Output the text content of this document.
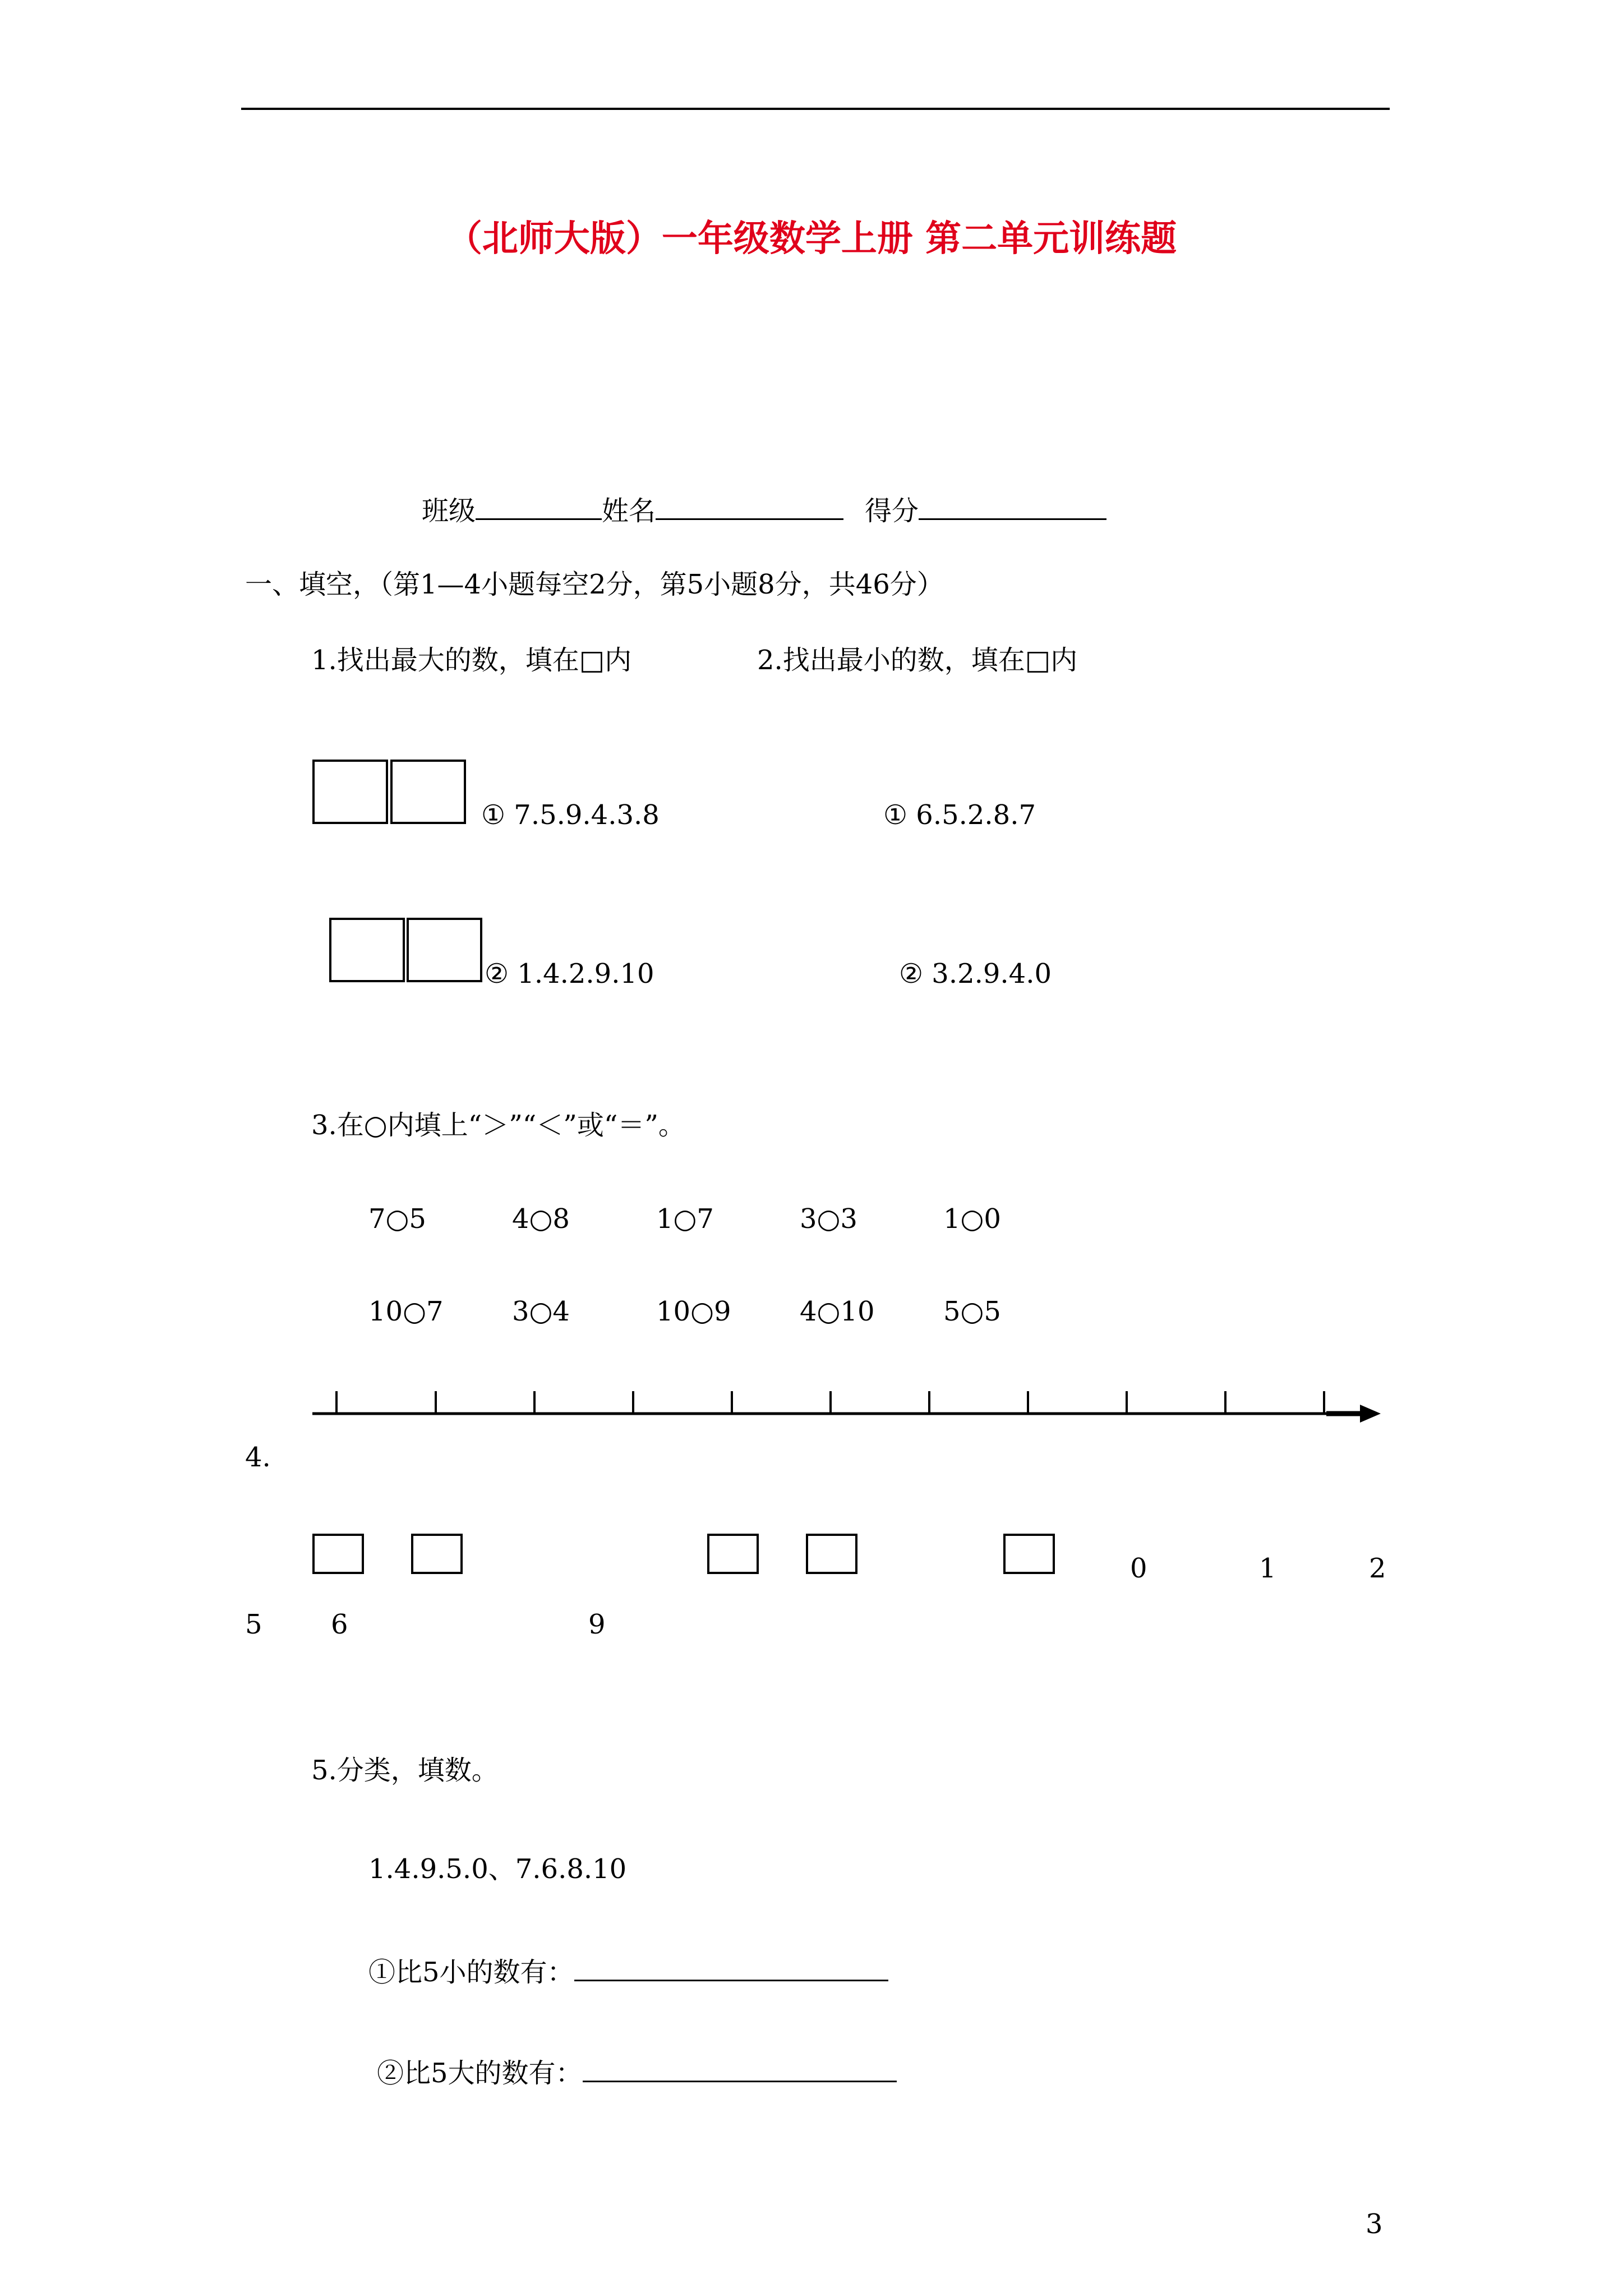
（北师大版）一年级数学上册 第二单元训练题
班级	姓名	得分
一、填空，（第1—4小题每空2分，第5小题8分，共46分）
1.找出最大的数，填在□内	2.找出最小的数，填在□内
① 7.5.9.4.3.8	① 6.5.2.8.7
② 1.4.2.9.10	② 3.2.9.4.0
3.在○内填上“＞”“＜”或“＝”。
7○5	4○8	1○7	3○3	1○0
10○7	3○4	10○9	4○10	5○5
4.
0	1	2
5	6	9
5.分类，填数。
1.4.9.5.0、7.6.8.10
①比5小的数有：
②比5大的数有：
3
